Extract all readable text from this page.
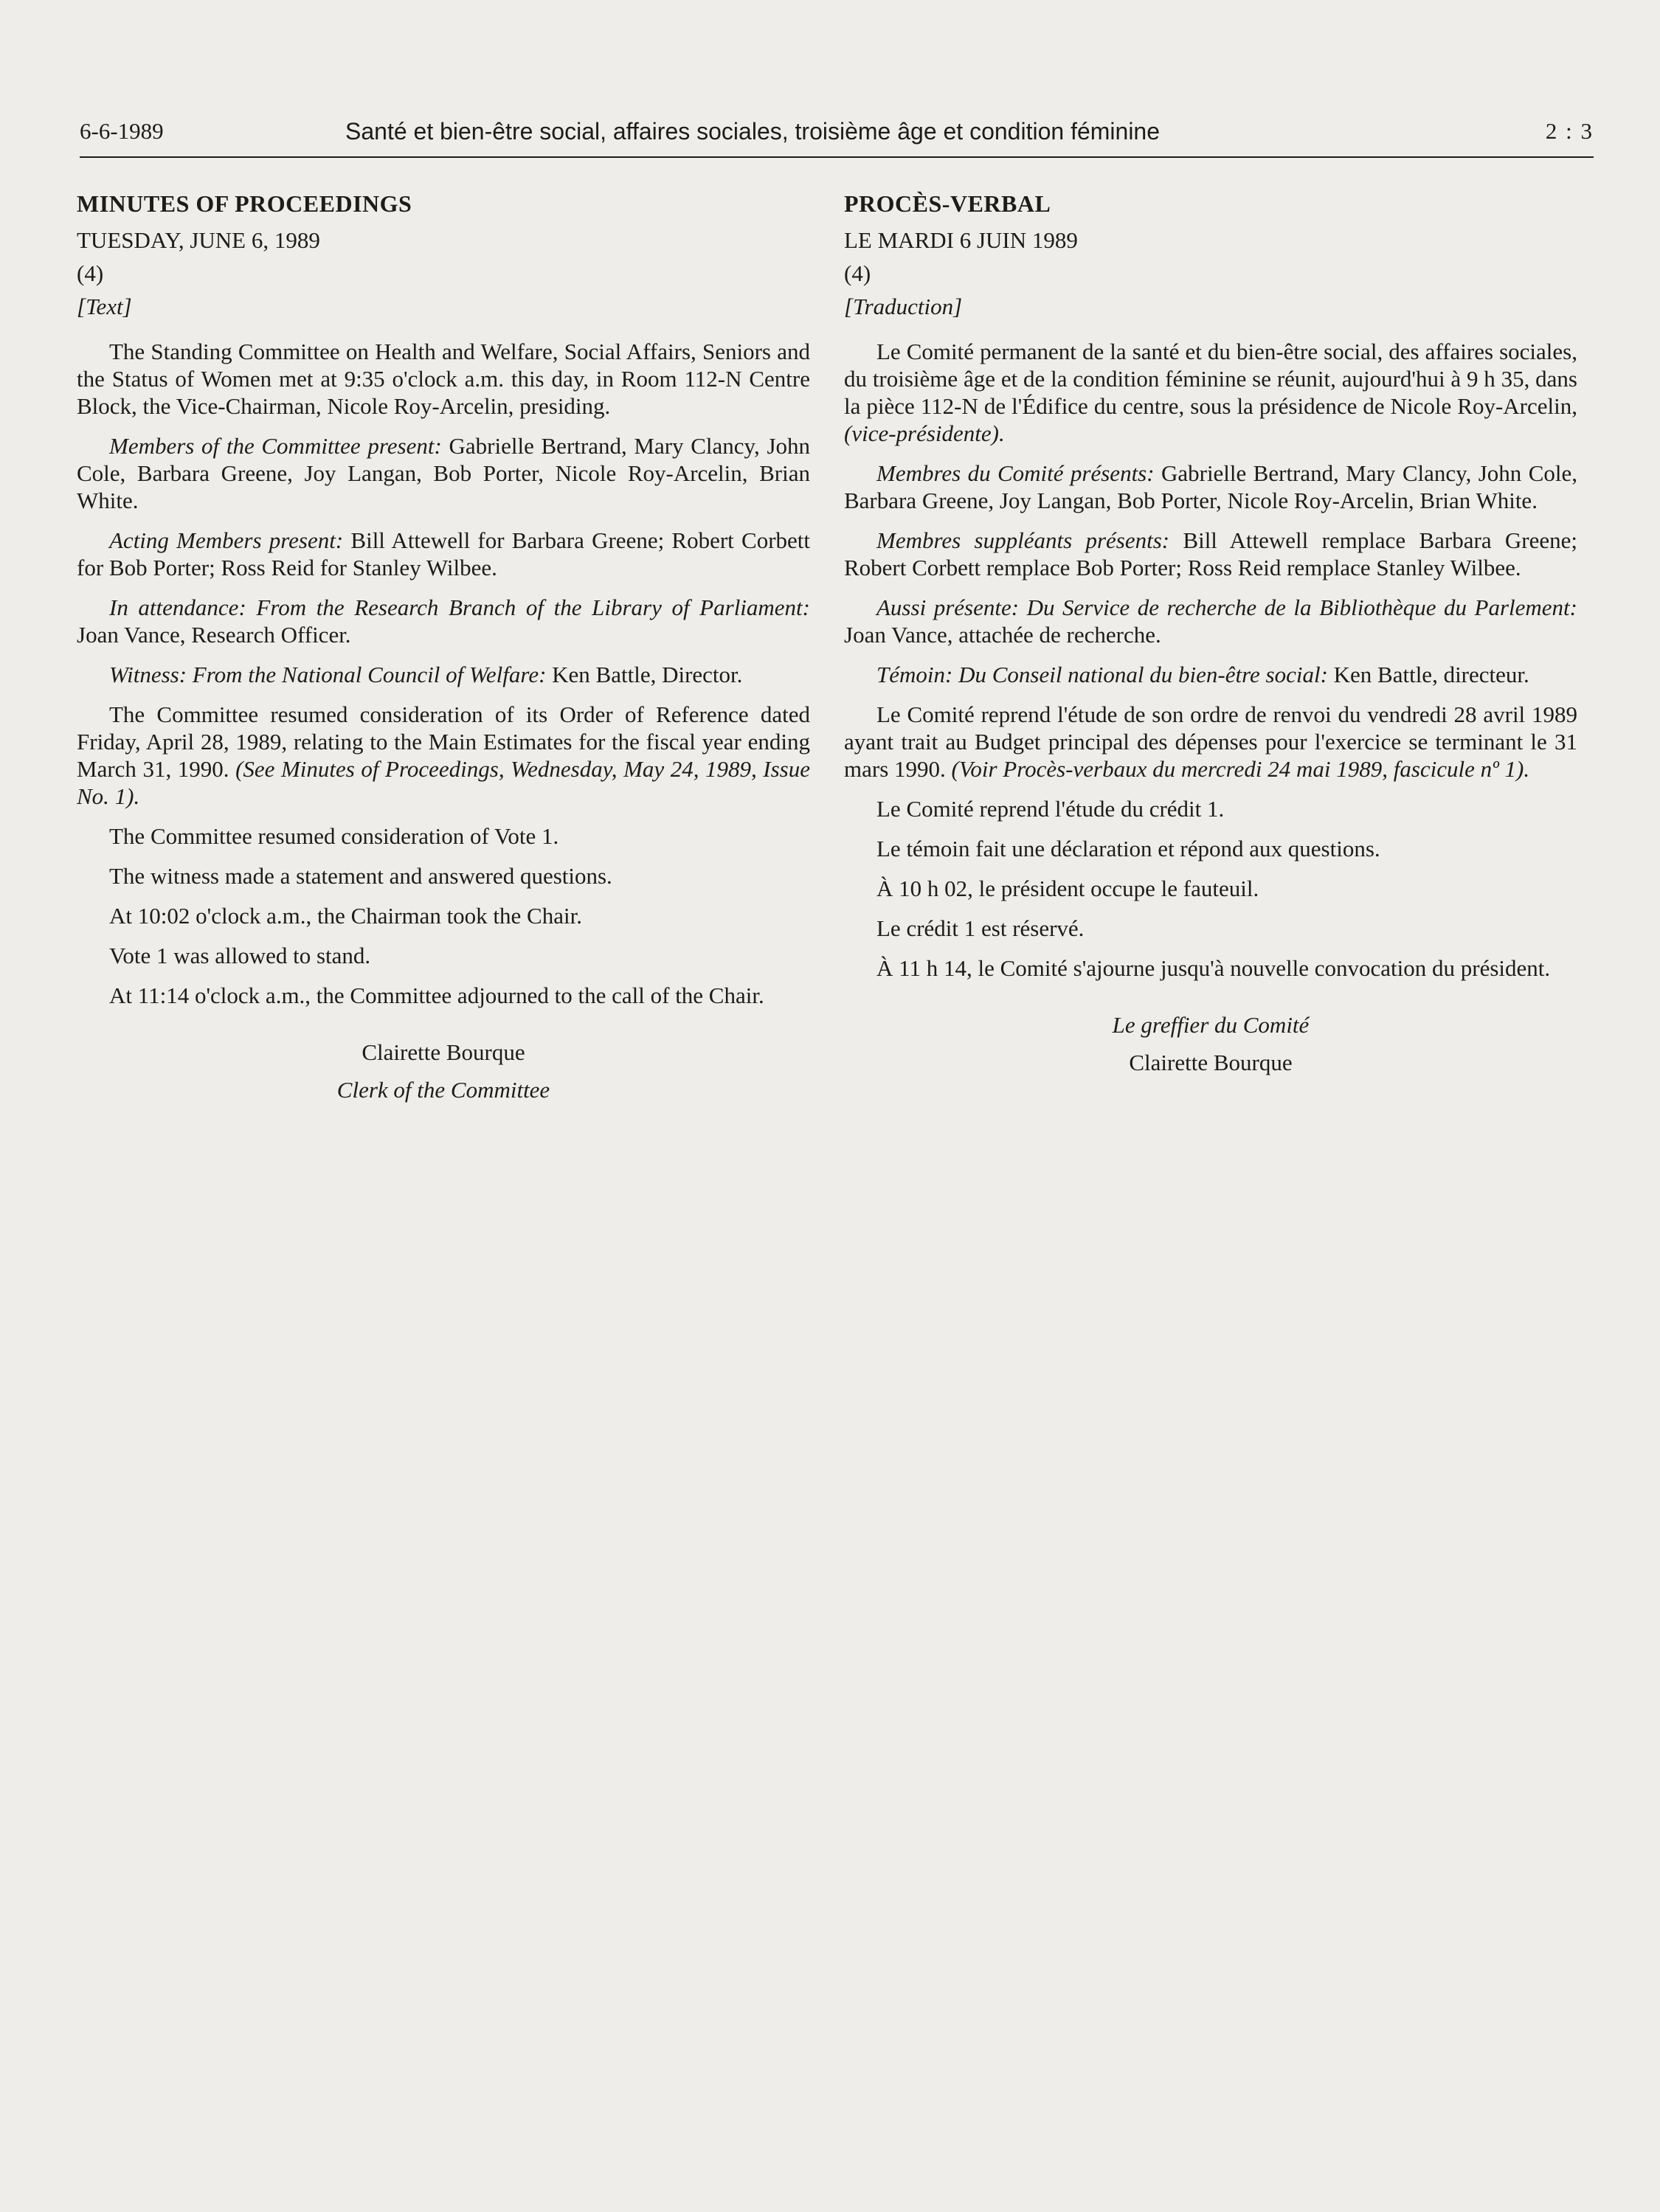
6-6-1989	Santé et bien-être social, affaires sociales, troisième âge et condition féminine	2 : 3
MINUTES OF PROCEEDINGS
TUESDAY, JUNE 6, 1989
(4)
[Text]

The Standing Committee on Health and Welfare, Social Affairs, Seniors and the Status of Women met at 9:35 o'clock a.m. this day, in Room 112-N Centre Block, the Vice-Chairman, Nicole Roy-Arcelin, presiding.

Members of the Committee present: Gabrielle Bertrand, Mary Clancy, John Cole, Barbara Greene, Joy Langan, Bob Porter, Nicole Roy-Arcelin, Brian White.

Acting Members present: Bill Attewell for Barbara Greene; Robert Corbett for Bob Porter; Ross Reid for Stanley Wilbee.

In attendance: From the Research Branch of the Library of Parliament: Joan Vance, Research Officer.

Witness: From the National Council of Welfare: Ken Battle, Director.

The Committee resumed consideration of its Order of Reference dated Friday, April 28, 1989, relating to the Main Estimates for the fiscal year ending March 31, 1990. (See Minutes of Proceedings, Wednesday, May 24, 1989, Issue No. 1).

The Committee resumed consideration of Vote 1.

The witness made a statement and answered questions.

At 10:02 o'clock a.m., the Chairman took the Chair.

Vote 1 was allowed to stand.

At 11:14 o'clock a.m., the Committee adjourned to the call of the Chair.

Clairette Bourque
Clerk of the Committee
PROCÈS-VERBAL
LE MARDI 6 JUIN 1989
(4)
[Traduction]

Le Comité permanent de la santé et du bien-être social, des affaires sociales, du troisième âge et de la condition féminine se réunit, aujourd'hui à 9 h 35, dans la pièce 112-N de l'Édifice du centre, sous la présidence de Nicole Roy-Arcelin, (vice-présidente).

Membres du Comité présents: Gabrielle Bertrand, Mary Clancy, John Cole, Barbara Greene, Joy Langan, Bob Porter, Nicole Roy-Arcelin, Brian White.

Membres suppléants présents: Bill Attewell remplace Barbara Greene; Robert Corbett remplace Bob Porter; Ross Reid remplace Stanley Wilbee.

Aussi présente: Du Service de recherche de la Bibliothèque du Parlement: Joan Vance, attachée de recherche.

Témoin: Du Conseil national du bien-être social: Ken Battle, directeur.

Le Comité reprend l'étude de son ordre de renvoi du vendredi 28 avril 1989 ayant trait au Budget principal des dépenses pour l'exercice se terminant le 31 mars 1990. (Voir Procès-verbaux du mercredi 24 mai 1989, fascicule nº 1).

Le Comité reprend l'étude du crédit 1.

Le témoin fait une déclaration et répond aux questions.

À 10 h 02, le président occupe le fauteuil.

Le crédit 1 est réservé.

À 11 h 14, le Comité s'ajourne jusqu'à nouvelle convocation du président.

Le greffier du Comité
Clairette Bourque
